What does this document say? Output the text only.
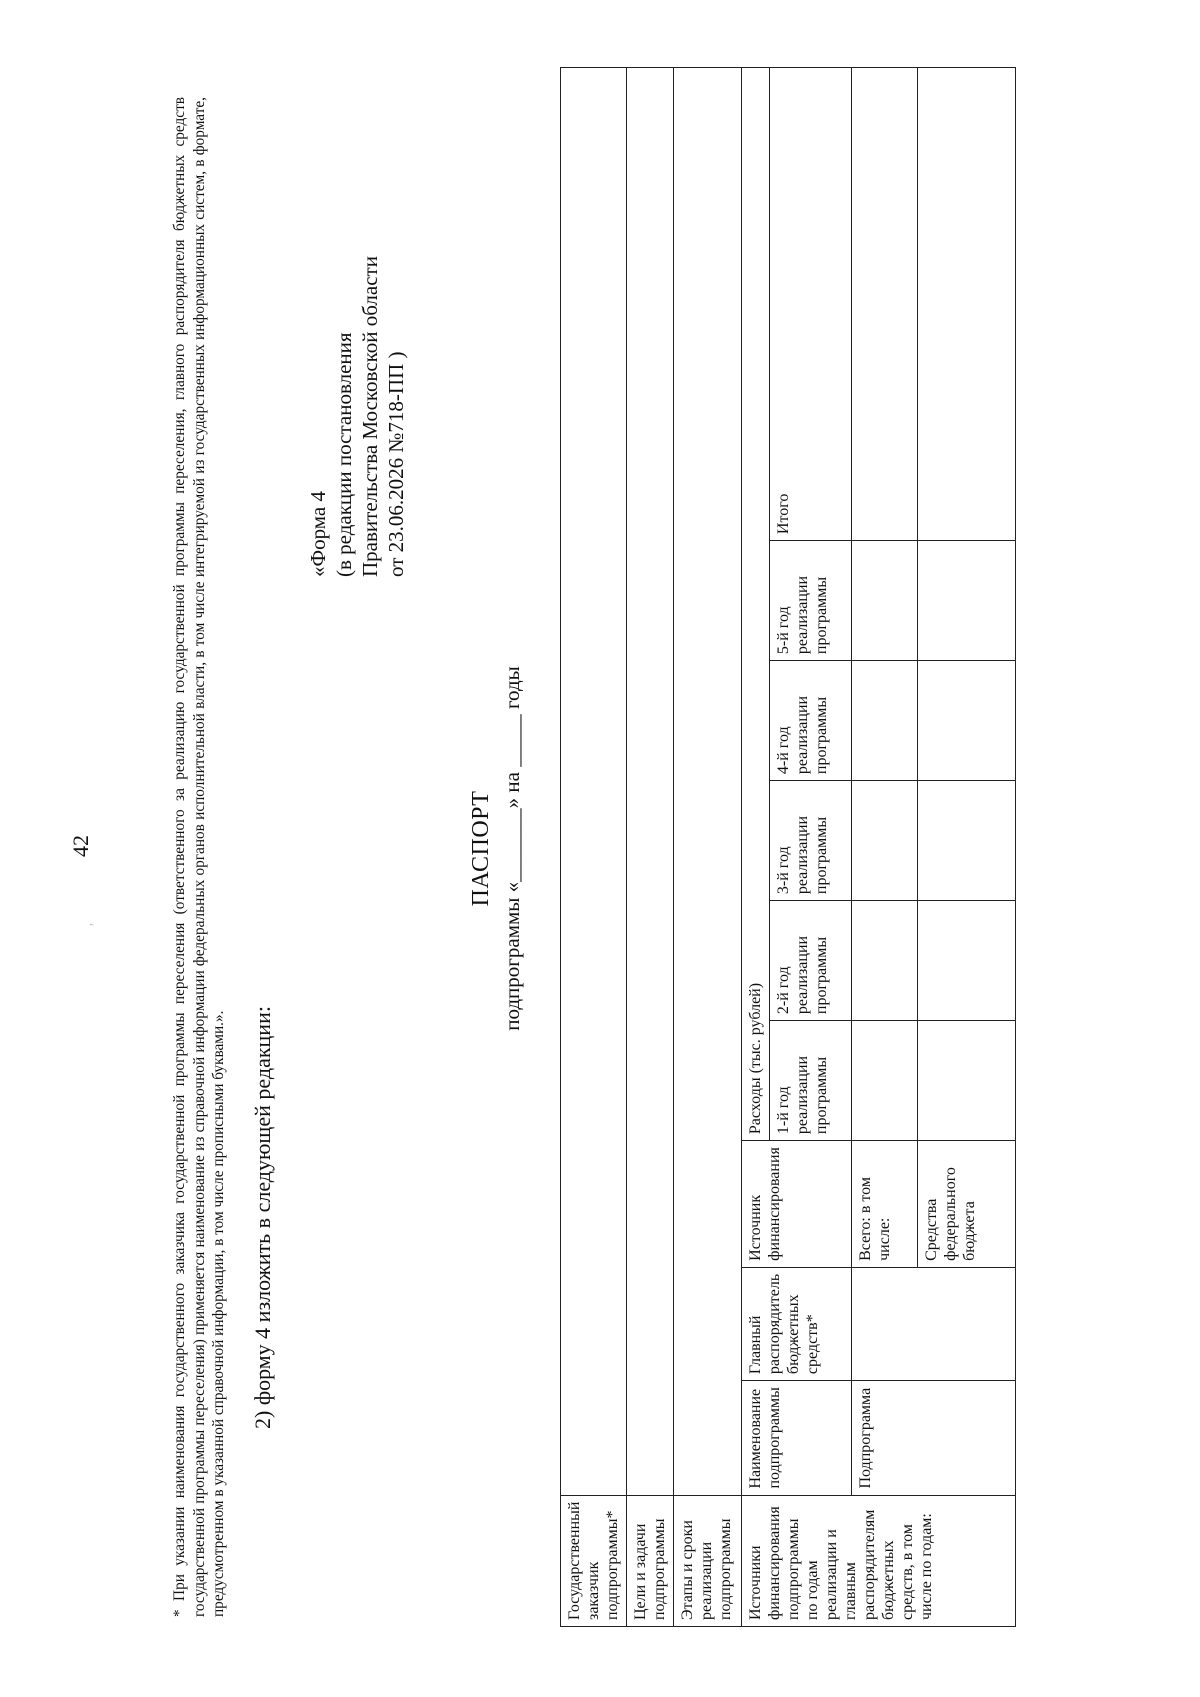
42
’	* При указании наименования государственного заказчика государственной программы переселения (ответственного за реализацию государственной программы переселения, главного распорядителя бюджетных средств государственной программы переселения) применяется наименование из справочной информации федеральных органов исполнительной власти, в том числе интегрируемой из государственных информационных систем, в формате, предусмотренном в указанной справочной информации, в том числе прописными буквами.». 2) форму 4 изложить в следующей редакции:
«Форма 4 (в редакции постановления Правительства Московской области от 23.06.2026 №718-ПП )
ПАСПОРТ подпрограммы «_______» на _____ годы
Государственный заказчик подпрограммы*									
Цели и задачи подпрограммы									
Этапы и сроки реализации подпрограммы									
Источники финансирования подпрограммы по годам реализации и главным распорядителям бюджетных средств, в том числе по годам:	Наименование подпрограммы	Главный распорядитель бюджетных средств*	Источник финансирования	Расходы (тыс. рублей)					
				1-й год реализации программы	2-й год реализации программы	3-й год реализации программы	4-й год реализации программы	5-й год реализации программы	Итого
	Подпрограмма		Всего: в том числе:						
			Средства федерального бюджета						
